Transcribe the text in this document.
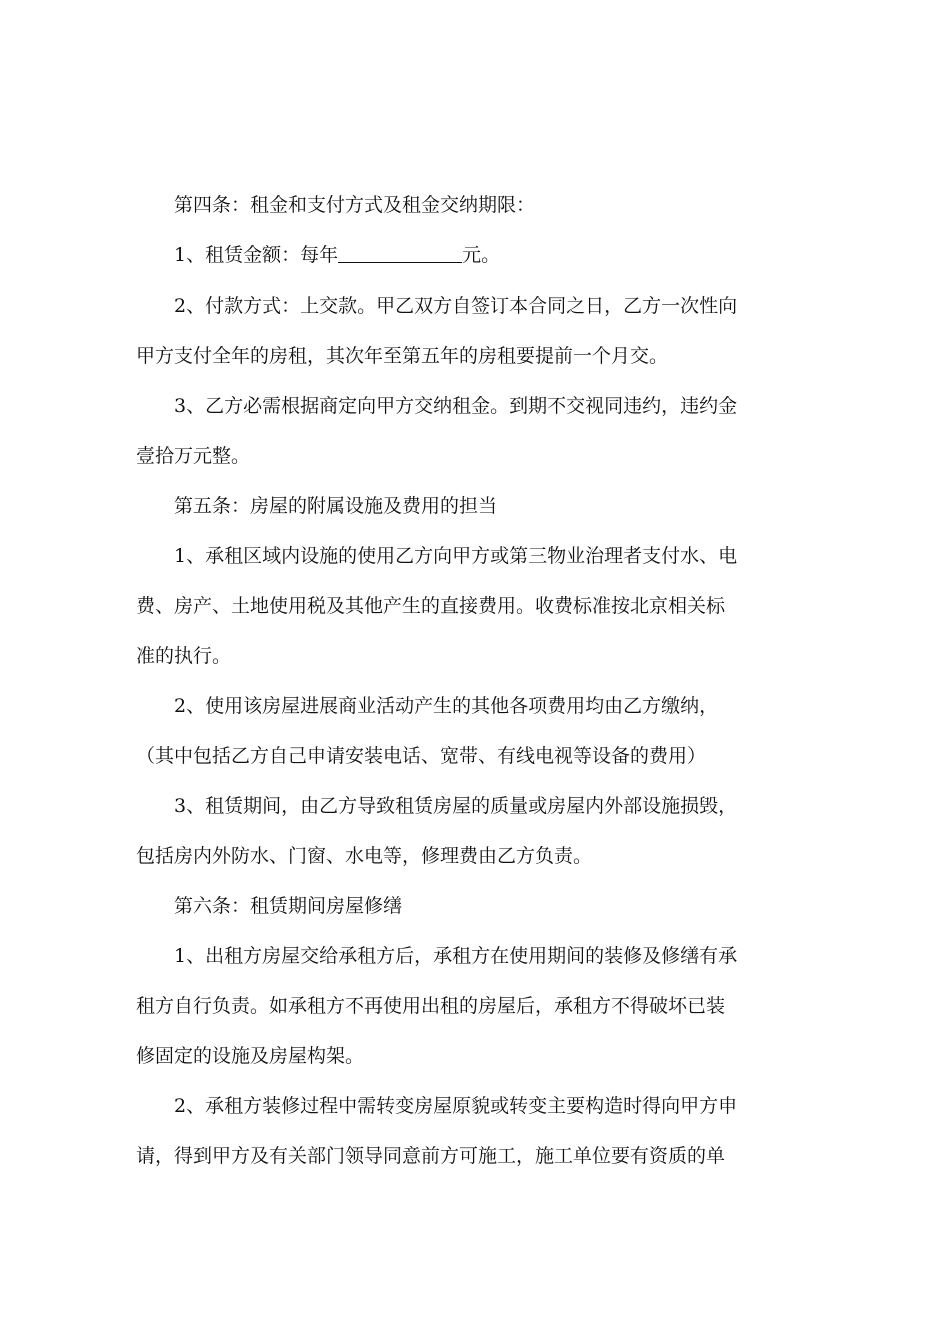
第四条：租金和支付方式及租金交纳期限：
1、租赁金额：每年	元。
2、付款方式：上交款。甲乙双方自签订本合同之日，乙方一次性向
甲方支付全年的房租，其次年至第五年的房租要提前一个月交。
3、乙方必需根据商定向甲方交纳租金。到期不交视同违约，违约金
壹拾万元整。
第五条：房屋的附属设施及费用的担当
1、承租区域内设施的使用乙方向甲方或第三物业治理者支付水、电
费、房产、土地使用税及其他产生的直接费用。收费标准按北京相关标
准的执行。
2、使用该房屋进展商业活动产生的其他各项费用均由乙方缴纳，
（其中包括乙方自己申请安装电话、宽带、有线电视等设备的费用）
3、租赁期间，由乙方导致租赁房屋的质量或房屋内外部设施损毁，
包括房内外防水、门窗、水电等，修理费由乙方负责。
第六条：租赁期间房屋修缮
1、出租方房屋交给承租方后，承租方在使用期间的装修及修缮有承
租方自行负责。如承租方不再使用出租的房屋后，承租方不得破坏已装
修固定的设施及房屋构架。
2、承租方装修过程中需转变房屋原貌或转变主要构造时得向甲方申
请，得到甲方及有关部门领导同意前方可施工，施工单位要有资质的单
